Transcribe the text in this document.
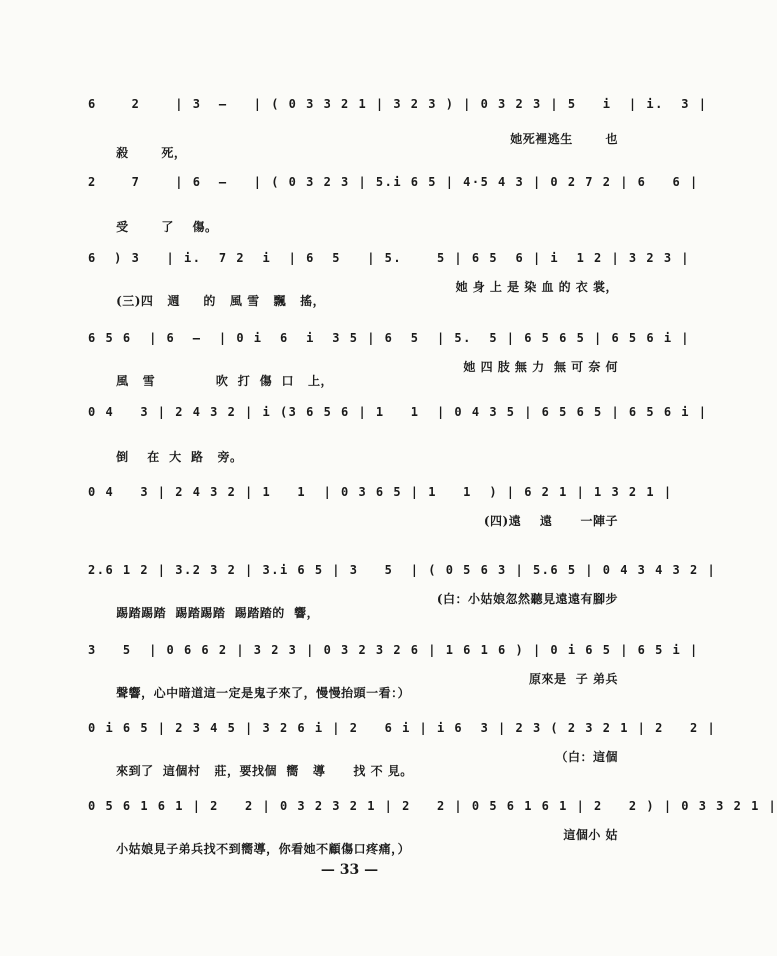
6    2    | 3  —   | ( 0 3 3 2 1 | 3 2 3 ) | 0 3 2 3 | 5   i  | i.  3 |

殺       死，

她死裡逃生       也

2    7    | 6  —   | ( 0 3 2 3 | 5.i 6 5 | 4·5 4 3 | 0 2 7 2 | 6   6 |

受       了    傷。

6  ) 3   | i.  7 2  i  | 6  5   | 5.    5 | 6 5  6 | i  1 2 | 3 2 3 |

(三)四   週     的   風 雪   飄   搖，

她 身 上 是 染 血 的 衣 裳，

6 5 6  | 6  —  | 0 i  6  i  3 5 | 6  5  | 5.  5 | 6 5 6 5 | 6 5 6 i |

風   雪             吹  打  傷  口   上，

她 四 肢 無 力  無 可 奈 何

0 4   3 | 2 4 3 2 | i (3 6 5 6 | 1   1  | 0 4 3 5 | 6 5 6 5 | 6 5 6 i |

倒    在  大  路   旁。

0 4   3 | 2 4 3 2 | 1   1  | 0 3 6 5 | 1   1  ) | 6 2 1 | 1 3 2 1 |

(四)遠    遠      一陣子

2.6 1 2 | 3.2 3 2 | 3.i 6 5 | 3   5  | ( 0 5 6 3 | 5.6 5 | 0 4 3 4 3 2 |

踢踏踢踏  踢踏踢踏  踢踏踏的  響，

(白：小姑娘忽然聽見遠遠有腳步

3   5  | 0 6 6 2 | 3 2 3 | 0 3 2 3 2 6 | 1 6 1 6 ) | 0 i 6 5 | 6 5 i |

聲響，心中暗道這一定是鬼子來了，慢慢抬頭一看：）

原來是  子 弟兵

0 i 6 5 | 2 3 4 5 | 3 2 6 i | 2   6 i | i 6  3 | 2 3 ( 2 3 2 1 | 2   2 |

來到了  這個村   莊，要找個  嚮   導      找 不 見。

（白：這個

0 5 6 1 6 1 | 2   2 | 0 3 2 3 2 1 | 2   2 | 0 5 6 1 6 1 | 2   2 ) | 0 3 3 2 1 |

小姑娘見子弟兵找不到嚮導，你看她不顧傷口疼痛，）

這個小 姑

— 33 —
